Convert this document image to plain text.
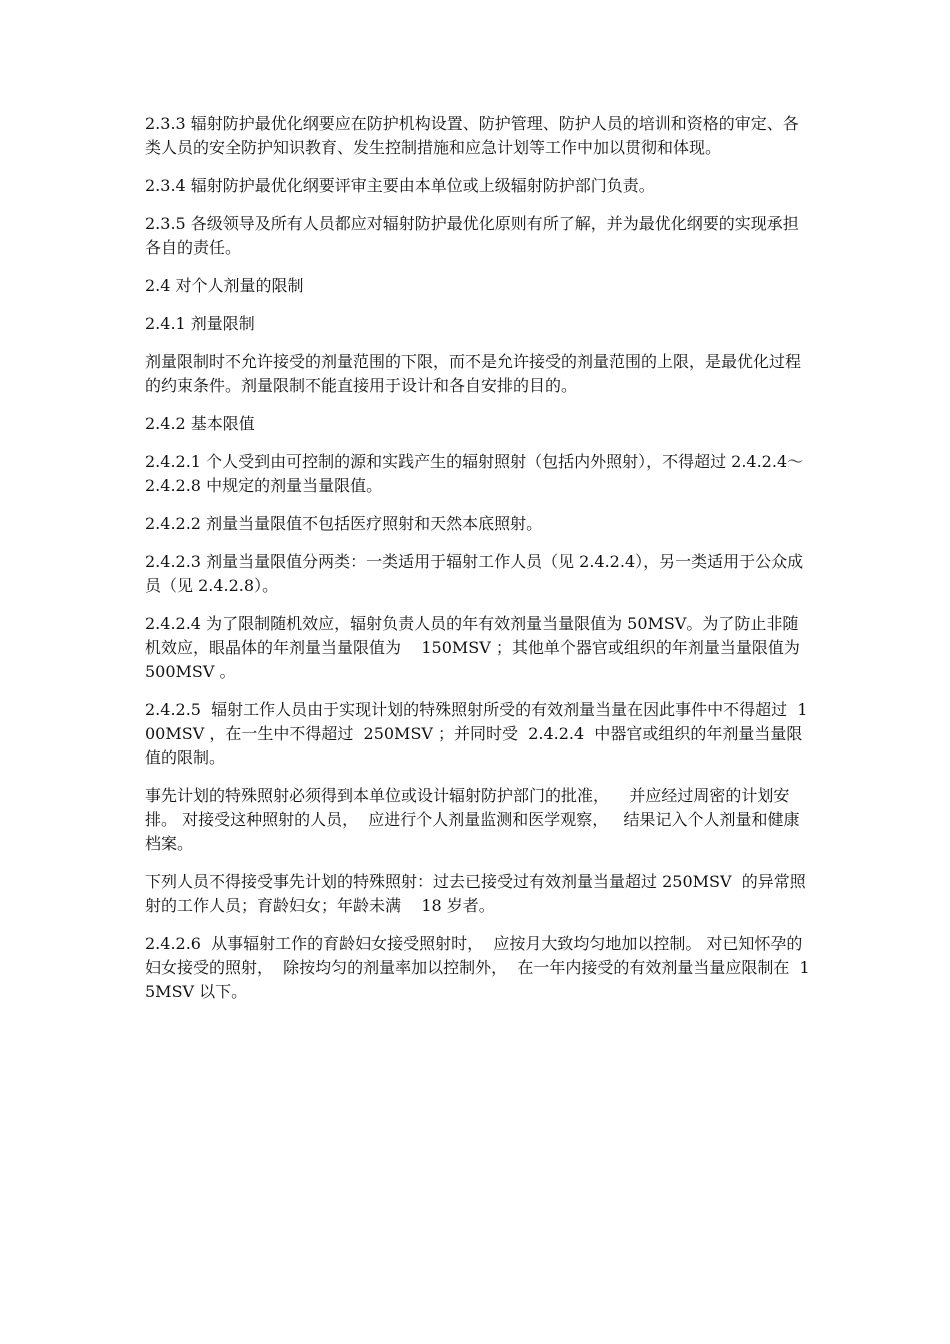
2.3.3 辐射防护最优化纲要应在防护机构设置、防护管理、防护人员的培训和资格的审定、各类人员的安全防护知识教育、发生控制措施和应急计划等工作中加以贯彻和体现。

2.3.4 辐射防护最优化纲要评审主要由本单位或上级辐射防护部门负责。

2.3.5 各级领导及所有人员都应对辐射防护最优化原则有所了解，并为最优化纲要的实现承担各自的责任。

2.4 对个人剂量的限制

2.4.1 剂量限制

剂量限制时不允许接受的剂量范围的下限，而不是允许接受的剂量范围的上限，是最优化过程的约束条件。剂量限制不能直接用于设计和各自安排的目的。

2.4.2 基本限值

2.4.2.1 个人受到由可控制的源和实践产生的辐射照射（包括内外照射），不得超过 2.4.2.4～2.4.2.8 中规定的剂量当量限值。

2.4.2.2 剂量当量限值不包括医疗照射和天然本底照射。

2.4.2.3 剂量当量限值分两类：一类适用于辐射工作人员（见 2.4.2.4），另一类适用于公众成员（见 2.4.2.8）。

2.4.2.4 为了限制随机效应，辐射负责人员的年有效剂量当量限值为 50MSV。为了防止非随机效应，眼晶体的年剂量当量限值为    150MSV ；其他单个器官或组织的年剂量当量限值为  500MSV 。

2.4.2.5  辐射工作人员由于实现计划的特殊照射所受的有效剂量当量在因此事件中不得超过  100MSV ，在一生中不得超过  250MSV ；并同时受  2.4.2.4  中器官或组织的年剂量当量限值的限制。

事先计划的特殊照射必须得到本单位或设计辐射防护部门的批准，    并应经过周密的计划安排。 对接受这种照射的人员，  应进行个人剂量监测和医学观察，   结果记入个人剂量和健康档案。

下列人员不得接受事先计划的特殊照射：过去已接受过有效剂量当量超过 250MSV  的异常照射的工作人员；育龄妇女；年龄未满    18 岁者。

2.4.2.6  从事辐射工作的育龄妇女接受照射时，  应按月大致均匀地加以控制。 对已知怀孕的妇女接受的照射，  除按均匀的剂量率加以控制外，  在一年内接受的有效剂量当量应限制在  15MSV 以下。
